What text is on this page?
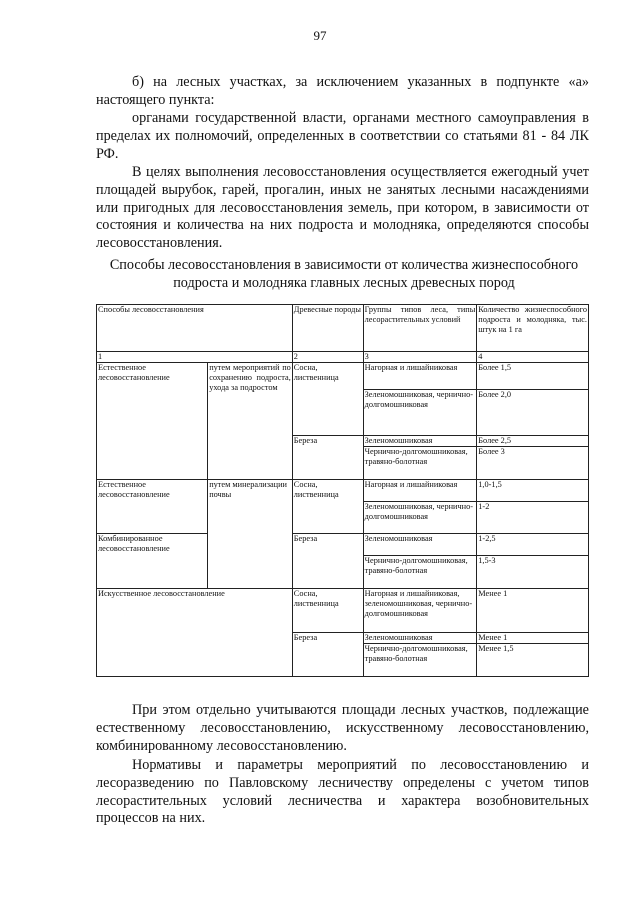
97

б) на лесных участках, за исключением указанных в подпункте «а» настоящего пункта:

органами государственной власти, органами местного самоуправления в пределах их полномочий, определенных в соответствии со статьями 81 - 84 ЛК РФ.

В целях выполнения лесовосстановления осуществляется ежегодный учет площадей вырубок, гарей, прогалин, иных не занятых лесными насаждениями или пригодных для лесовосстановления земель, при котором, в зависимости от состояния и количества на них подроста и молодняка, определяются способы лесовосстановления.

Способы лесовосстановления в зависимости от количества жизнеспособного подроста и молодняка главных лесных древесных пород
Способы лесовосстановления		Древесные породы	Группы типов леса, типы лесорастительных условий	Количество жизнеспособного подроста и молодняка, тыс. штук на 1 га
1		2	3	4
Естественное лесовосстановление	путем мероприятий по сохранению подроста, ухода за подростом	Сосна, лиственница	Нагорная и лишайниковая	Более 1,5
			Зеленомошниковая, чернично-долгомошниковая	Более 2,0
		Береза	Зеленомошниковая	Более 2,5
			Чернично-долгомошниковая, травяно-болотная	Более 3
Естественное лесовосстановление	путем минерализации почвы	Сосна, лиственница	Нагорная и лишайниковая	1,0-1,5
			Зеленомошниковая, чернично-долгомошниковая	1-2
Комбинированное лесовосстановление		Береза	Зеленомошниковая	1-2,5
			Чернично-долгомошниковая, травяно-болотная	1,5-3
Искусственное лесовосстановление		Сосна, лиственница	Нагорная и лишайниковая, зеленомошниковая, чернично-долгомошниковая	Менее 1
		Береза	Зеленомошниковая	Менее 1
			Чернично-долгомошниковая, травяно-болотная	Менее 1,5

При этом отдельно учитываются площади лесных участков, подлежащие естественному лесовосстановлению, искусственному лесовосстановлению, комбинированному лесовосстановлению.

Нормативы и параметры мероприятий по лесовосстановлению и лесоразведению по Павловскому лесничеству определены с учетом типов лесорастительных условий лесничества и характера возобновительных процессов на них.
